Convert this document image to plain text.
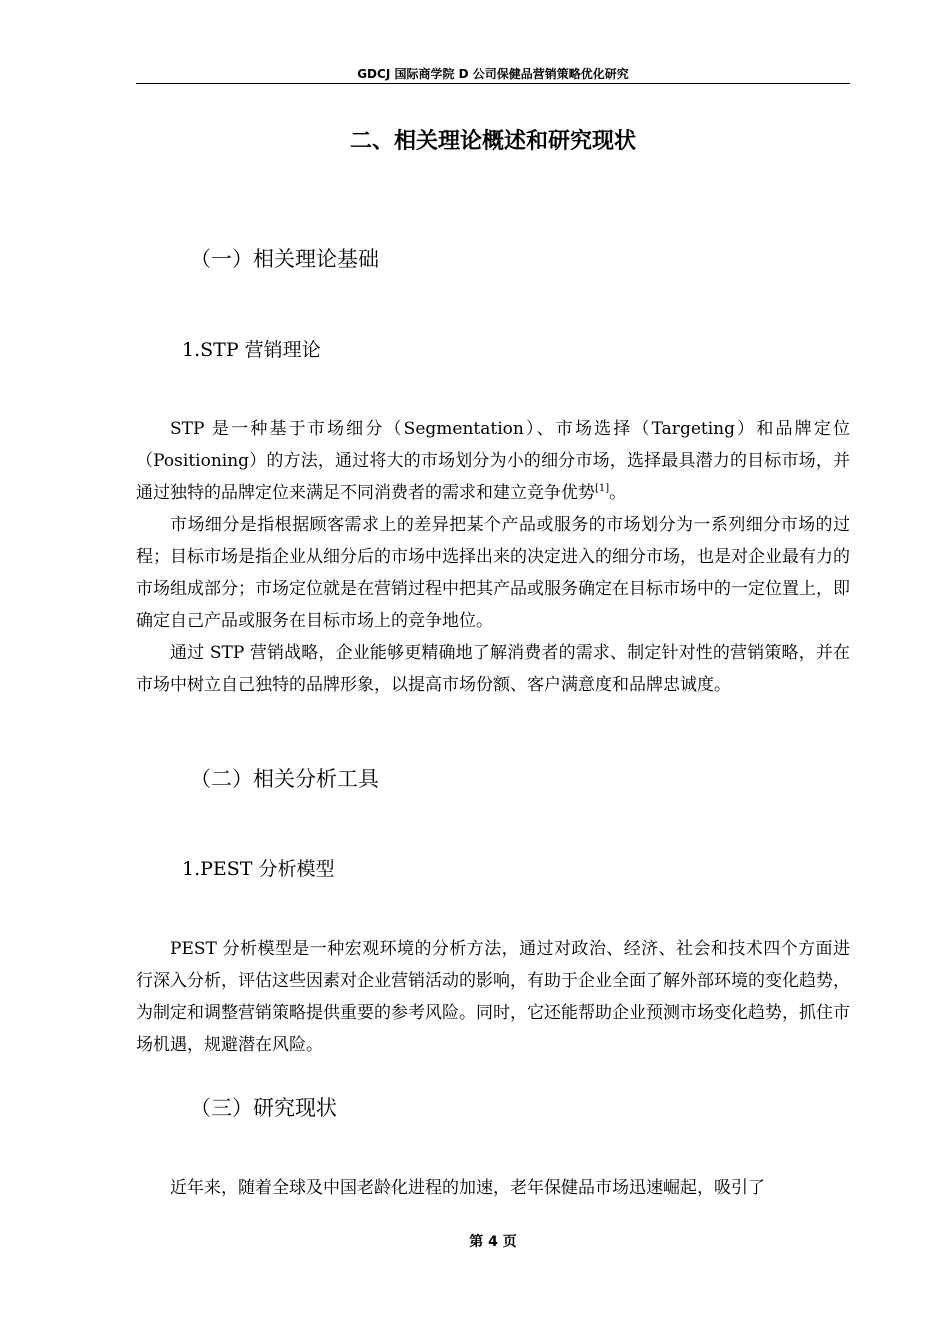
GDCJ 国际商学院 D 公司保健品营销策略优化研究
二、相关理论概述和研究现状
（一）相关理论基础
1.STP 营销理论

STP 是一种基于市场细分（Segmentation）、市场选择（Targeting）和品牌定位（Positioning）的方法，通过将大的市场划分为小的细分市场，选择最具潜力的目标市场，并通过独特的品牌定位来满足不同消费者的需求和建立竞争优势[1]。

市场细分是指根据顾客需求上的差异把某个产品或服务的市场划分为一系列细分市场的过程；目标市场是指企业从细分后的市场中选择出来的决定进入的细分市场，也是对企业最有力的市场组成部分；市场定位就是在营销过程中把其产品或服务确定在目标市场中的一定位置上，即确定自己产品或服务在目标市场上的竞争地位。

通过 STP 营销战略，企业能够更精确地了解消费者的需求、制定针对性的营销策略，并在市场中树立自己独特的品牌形象，以提高市场份额、客户满意度和品牌忠诚度。

（二）相关分析工具
1.PEST 分析模型

PEST 分析模型是一种宏观环境的分析方法，通过对政治、经济、社会和技术四个方面进行深入分析，评估这些因素对企业营销活动的影响，有助于企业全面了解外部环境的变化趋势，为制定和调整营销策略提供重要的参考风险。同时，它还能帮助企业预测市场变化趋势，抓住市场机遇，规避潜在风险。

（三）研究现状

近年来，随着全球及中国老龄化进程的加速，老年保健品市场迅速崛起，吸引了

第 4 页
